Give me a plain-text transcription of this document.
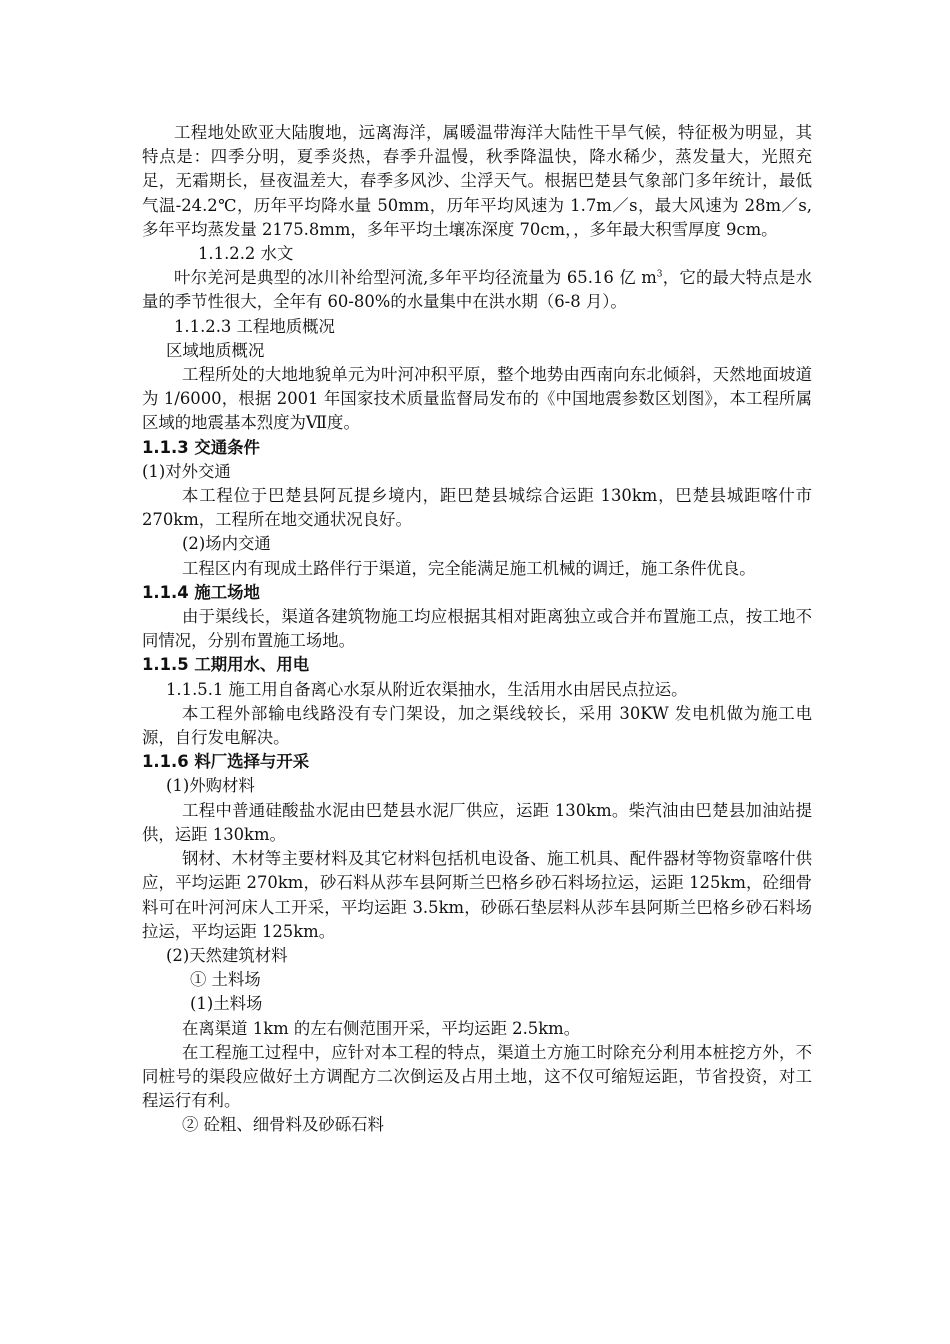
工程地处欧亚大陆腹地，远离海洋，属暖温带海洋大陆性干旱气候，特征极为明显，其特点是：四季分明，夏季炎热，春季升温慢，秋季降温快，降水稀少，蒸发量大，光照充足，无霜期长，昼夜温差大，春季多风沙、尘浮天气。根据巴楚县气象部门多年统计，最低气温-24.2℃，历年平均降水量 50mm，历年平均风速为 1.7m／s，最大风速为 28m／s,多年平均蒸发量 2175.8mm，多年平均土壤冻深度 70cm，，多年最大积雪厚度 9cm。

1.1.2.2 水文

叶尔羌河是典型的冰川补给型河流,多年平均径流量为 65.16 亿 $m^3$，它的最大特点是水量的季节性很大，全年有 60-80%的水量集中在洪水期（6-8 月）。

1.1.2.3 工程地质概况

区域地质概况

工程所处的大地地貌单元为叶河冲积平原，整个地势由西南向东北倾斜，天然地面坡道为 1/6000，根据 2001 年国家技术质量监督局发布的《中国地震参数区划图》，本工程所属区域的地震基本烈度为Ⅶ度。

1.1.3 交通条件

(1)对外交通

本工程位于巴楚县阿瓦提乡境内，距巴楚县城综合运距 130km，巴楚县城距喀什市 270km，工程所在地交通状况良好。

(2)场内交通

工程区内有现成土路伴行于渠道，完全能满足施工机械的调迁，施工条件优良。

1.1.4 施工场地

由于渠线长，渠道各建筑物施工均应根据其相对距离独立或合并布置施工点，按工地不同情况，分别布置施工场地。

1.1.5 工期用水、用电

1.1.5.1 施工用自备离心水泵从附近农渠抽水，生活用水由居民点拉运。

本工程外部输电线路没有专门架设，加之渠线较长，采用 30KW 发电机做为施工电源，自行发电解决。

1.1.6 料厂选择与开采

(1)外购材料

工程中普通硅酸盐水泥由巴楚县水泥厂供应，运距 130km。柴汽油由巴楚县加油站提供，运距 130km。

钢材、木材等主要材料及其它材料包括机电设备、施工机具、配件器材等物资靠喀什供应，平均运距 270km，砂石料从莎车县阿斯兰巴格乡砂石料场拉运，运距 125km，砼细骨料可在叶河河床人工开采，平均运距 3.5km，砂砾石垫层料从莎车县阿斯兰巴格乡砂石料场拉运，平均运距 125km。

(2)天然建筑材料

① 土料场

(1)土料场

在离渠道 1km 的左右侧范围开采，平均运距 2.5km。

在工程施工过程中，应针对本工程的特点，渠道土方施工时除充分利用本桩挖方外，不同桩号的渠段应做好土方调配方二次倒运及占用土地，这不仅可缩短运距，节省投资，对工程运行有利。

② 砼粗、细骨料及砂砾石料
